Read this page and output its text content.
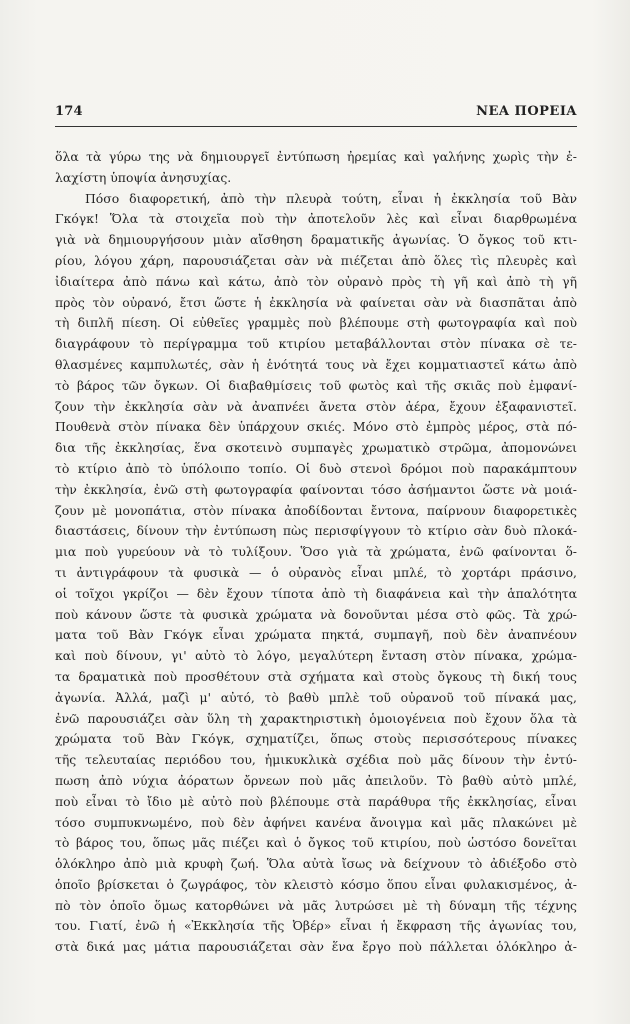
174	ΝΕΑ ΠΟΡΕΙΑ
ὅλα τὰ γύρω της νὰ δημιουργεῖ ἐντύπωση ἠρεμίας καὶ γαλήνης χωρὶς τὴν ἐ-
λαχίστη ὑποψία ἀνησυχίας.
Πόσο διαφορετική, ἀπὸ τὴν πλευρὰ τούτη, εἶναι ἡ ἐκκλησία τοῦ Βὰν
Γκόγκ! Ὅλα τὰ στοιχεῖα ποὺ τὴν ἀποτελοῦν λὲς καὶ εἶναι διαρθρωμένα
γιὰ νὰ δημιουργήσουν μιὰν αἴσθηση δραματικῆς ἀγωνίας. Ὁ ὄγκος τοῦ κτι-
ρίου, λόγου χάρη, παρουσιάζεται σὰν νὰ πιέζεται ἀπὸ ὅλες τὶς πλευρὲς καὶ
ἰδιαίτερα ἀπὸ πάνω καὶ κάτω, ἀπὸ τὸν οὐρανὸ πρὸς τὴ γῆ καὶ ἀπὸ τὴ γῆ
πρὸς τὸν οὐρανό, ἔτσι ὥστε ἡ ἐκκλησία νὰ φαίνεται σὰν νὰ διασπᾶται ἀπὸ
τὴ διπλῆ πίεση. Οἱ εὐθεῖες γραμμὲς ποὺ βλέπουμε στὴ φωτογραφία καὶ ποὺ
διαγράφουν τὸ περίγραμμα τοῦ κτιρίου μεταβάλλονται στὸν πίνακα σὲ τε-
θλασμένες καμπυλωτές, σὰν ἡ ἑνότητά τους νὰ ἔχει κομματιαστεῖ κάτω ἀπὸ
τὸ βάρος τῶν ὄγκων. Οἱ διαβαθμίσεις τοῦ φωτὸς καὶ τῆς σκιᾶς ποὺ ἐμφανί-
ζουν τὴν ἐκκλησία σὰν νὰ ἀναπνέει ἄνετα στὸν ἀέρα, ἔχουν ἐξαφανιστεῖ.
Πουθενὰ στὸν πίνακα δὲν ὑπάρχουν σκιές. Μόνο στὸ ἐμπρὸς μέρος, στὰ πό-
δια τῆς ἐκκλησίας, ἕνα σκοτεινὸ συμπαγὲς χρωματικὸ στρῶμα, ἀπομονώνει
τὸ κτίριο ἀπὸ τὸ ὑπόλοιπο τοπίο. Οἱ δυὸ στενοὶ δρόμοι ποὺ παρακάμπτουν
τὴν ἐκκλησία, ἐνῶ στὴ φωτογραφία φαίνονται τόσο ἀσήμαντοι ὥστε νὰ μοιά-
ζουν μὲ μονοπάτια, στὸν πίνακα ἀποδίδονται ἔντονα, παίρνουν διαφορετικὲς
διαστάσεις, δίνουν τὴν ἐντύπωση πὼς περισφίγγουν τὸ κτίριο σὰν δυὸ πλοκά-
μια ποὺ γυρεύουν νὰ τὸ τυλίξουν. Ὅσο γιὰ τὰ χρώματα, ἐνῶ φαίνονται ὅ-
τι ἀντιγράφουν τὰ φυσικὰ — ὁ οὐρανὸς εἶναι μπλέ, τὸ χορτάρι πράσινο,
οἱ τοῖχοι γκρίζοι — δὲν ἔχουν τίποτα ἀπὸ τὴ διαφάνεια καὶ τὴν ἁπαλότητα
ποὺ κάνουν ὥστε τὰ φυσικὰ χρώματα νὰ δονοῦνται μέσα στὸ φῶς. Τὰ χρώ-
ματα τοῦ Βὰν Γκόγκ εἶναι χρώματα πηκτά, συμπαγῆ, ποὺ δὲν ἀναπνέουν
καὶ ποὺ δίνουν, γι' αὐτὸ τὸ λόγο, μεγαλύτερη ἔνταση στὸν πίνακα, χρώμα-
τα δραματικὰ ποὺ προσθέτουν στὰ σχήματα καὶ στοὺς ὄγκους τὴ δική τους
ἀγωνία. Ἀλλά, μαζὶ μ' αὐτό, τὸ βαθὺ μπλὲ τοῦ οὐρανοῦ τοῦ πίνακά μας,
ἐνῶ παρουσιάζει σὰν ὕλη τὴ χαρακτηριστικὴ ὁμοιογένεια ποὺ ἔχουν ὅλα τὰ
χρώματα τοῦ Βὰν Γκόγκ, σχηματίζει, ὅπως στοὺς περισσότερους πίνακες
τῆς τελευταίας περιόδου του, ἡμικυκλικὰ σχέδια ποὺ μᾶς δίνουν τὴν ἐντύ-
πωση ἀπὸ νύχια ἀόρατων ὄρνεων ποὺ μᾶς ἀπειλοῦν. Τὸ βαθὺ αὐτὸ μπλέ,
ποὺ εἶναι τὸ ἴδιο μὲ αὐτὸ ποὺ βλέπουμε στὰ παράθυρα τῆς ἐκκλησίας, εἶναι
τόσο συμπυκνωμένο, ποὺ δὲν ἀφήνει κανένα ἄνοιγμα καὶ μᾶς πλακώνει μὲ
τὸ βάρος του, ὅπως μᾶς πιέζει καὶ ὁ ὄγκος τοῦ κτιρίου, ποὺ ὡστόσο δονεῖται
ὁλόκληρο ἀπὸ μιὰ κρυφὴ ζωή. Ὅλα αὐτὰ ἴσως νὰ δείχνουν τὸ ἀδιέξοδο στὸ
ὁποῖο βρίσκεται ὁ ζωγράφος, τὸν κλειστὸ κόσμο ὅπου εἶναι φυλακισμένος, ἀ-
πὸ τὸν ὁποῖο ὅμως κατορθώνει νὰ μᾶς λυτρώσει μὲ τὴ δύναμη τῆς τέχνης
του. Γιατί, ἐνῶ ἡ «Ἐκκλησία τῆς Ὀβέρ» εἶναι ἡ ἔκφραση τῆς ἀγωνίας του,
στὰ δικά μας μάτια παρουσιάζεται σὰν ἕνα ἔργο ποὺ πάλλεται ὁλόκληρο ἀ-
